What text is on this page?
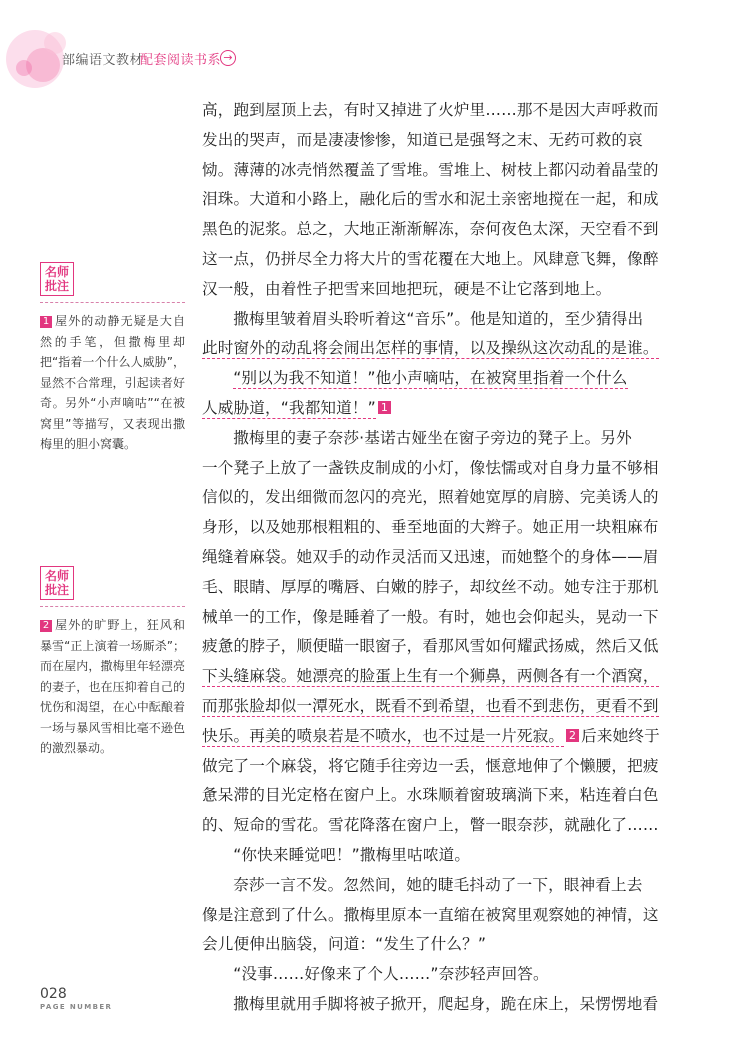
部编语文教材
配套阅读书系 →
名师
批注
1 屋外的动静无疑是大自然的手笔，但撒梅里却把“指着一个什么人威胁”，显然不合常理，引起读者好奇。另外“小声嘀咕”“在被窝里”等描写，又表现出撒梅里的胆小窝囊。
名师
批注
2 屋外的旷野上，狂风和暴雪“正上演着一场厮杀”；而在屋内，撒梅里年轻漂亮的妻子，也在压抑着自己的忧伤和渴望，在心中酝酿着一场与暴风雪相比毫不逊色的激烈暴动。
高，跑到屋顶上去，有时又掉进了火炉里……那不是因大声呼救而
发出的哭声，而是凄凄惨惨，知道已是强弩之末、无药可救的哀
恸。薄薄的冰壳悄然覆盖了雪堆。雪堆上、树枝上都闪动着晶莹的
泪珠。大道和小路上，融化后的雪水和泥土亲密地搅在一起，和成
黑色的泥浆。总之，大地正渐渐解冻，奈何夜色太深，天空看不到
这一点，仍拼尽全力将大片的雪花覆在大地上。风肆意飞舞，像醉
汉一般，由着性子把雪来回地把玩，硬是不让它落到地上。
撒梅里皱着眉头聆听着这“音乐”。他是知道的，至少猜得出
此时窗外的动乱将会闹出怎样的事情，以及操纵这次动乱的是谁。
“别以为我不知道！”他小声嘀咕，在被窝里指着一个什么
人威胁道，“我都知道！” 1
撒梅里的妻子奈莎·基诺古娅坐在窗子旁边的凳子上。另外
一个凳子上放了一盏铁皮制成的小灯，像怯懦或对自身力量不够相
信似的，发出细微而忽闪的亮光，照着她宽厚的肩膀、完美诱人的
身形，以及她那根粗粗的、垂至地面的大辫子。她正用一块粗麻布
绳缝着麻袋。她双手的动作灵活而又迅速，而她整个的身体——眉
毛、眼睛、厚厚的嘴唇、白嫩的脖子，却纹丝不动。她专注于那机
械单一的工作，像是睡着了一般。有时，她也会仰起头，晃动一下
疲惫的脖子，顺便瞄一眼窗子，看那风雪如何耀武扬威，然后又低
下头缝麻袋。她漂亮的脸蛋上生有一个狮鼻，两侧各有一个酒窝，
而那张脸却似一潭死水，既看不到希望，也看不到悲伤，更看不到
快乐。再美的喷泉若是不喷水，也不过是一片死寂。 2 后来她终于
做完了一个麻袋，将它随手往旁边一丢，惬意地伸了个懒腰，把疲
惫呆滞的目光定格在窗户上。水珠顺着窗玻璃淌下来，粘连着白色
的、短命的雪花。雪花降落在窗户上，瞥一眼奈莎，就融化了……
“你快来睡觉吧！”撒梅里咕哝道。
奈莎一言不发。忽然间，她的睫毛抖动了一下，眼神看上去
像是注意到了什么。撒梅里原本一直缩在被窝里观察她的神情，这
会儿便伸出脑袋，问道：“发生了什么？”
“没事……好像来了个人……”奈莎轻声回答。
撒梅里就用手脚将被子掀开，爬起身，跪在床上，呆愣愣地看
028
PAGE NUMBER
